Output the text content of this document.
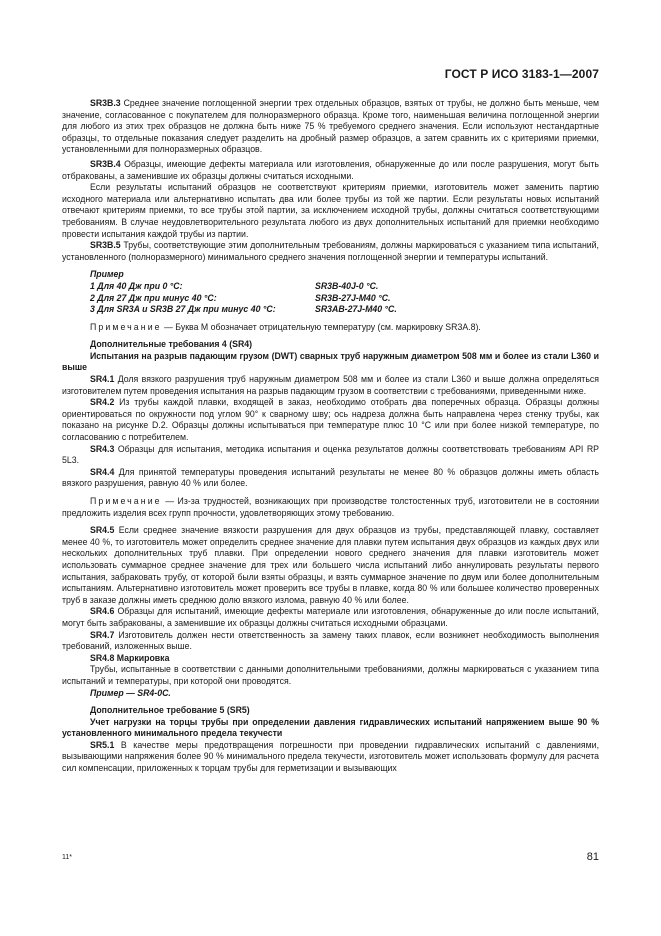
ГОСТ Р ИСО 3183-1—2007

SR3B.3 Среднее значение поглощенной энергии трех отдельных образцов, взятых от трубы, не должно быть меньше, чем значение, согласованное с покупателем для полноразмерного образца. Кроме того, наименьшая величина поглощенной энергии для любого из этих трех образцов не должна быть ниже 75 % требуемого среднего значения. Если используют нестандартные образцы, то отдельные показания следует разделить на дробный размер образцов, а затем сравнить их с критериями приемки, установленными для полноразмерных образцов.

SR3B.4 Образцы, имеющие дефекты материала или изготовления, обнаруженные до или после разрушения, могут быть отбракованы, а заменившие их образцы должны считаться исходными.

Если результаты испытаний образцов не соответствуют критериям приемки, изготовитель может заменить партию исходного материала или альтернативно испытать два или более трубы из той же партии. Если результаты новых испытаний отвечают критериям приемки, то все трубы этой партии, за исключением исходной трубы, должны считаться соответствующими требованиям. В случае неудовлетворительного результата любого из двух дополнительных испытаний для приемки необходимо провести испытания каждой трубы из партии.

SR3B.5 Трубы, соответствующие этим дополнительным требованиям, должны маркироваться с указанием типа испытаний, установленного (полноразмерного) минимального среднего значения поглощенной энергии и температуры испытаний.

Пример
1 Для 40 Дж при 0 °C:	SR3B-40J-0 °C.
2 Для 27 Дж при минус 40 °C:	SR3B-27J-M40 °C.
3 Для SR3A и SR3B 27 Дж при минус 40 °C:	SR3AB-27J-M40 °C.

Примечание — Буква M обозначает отрицательную температуру (см. маркировку SR3A.8).

Дополнительные требования 4 (SR4)

Испытания на разрыв падающим грузом (DWT) сварных труб наружным диаметром 508 мм и более из стали L360 и выше

SR4.1 Доля вязкого разрушения труб наружным диаметром 508 мм и более из стали L360 и выше должна определяться изготовителем путем проведения испытания на разрыв падающим грузом в соответствии с требованиями, приведенными ниже.

SR4.2 Из трубы каждой плавки, входящей в заказ, необходимо отобрать два поперечных образца. Образцы должны ориентироваться по окружности под углом 90° к сварному шву; ось надреза должна быть направлена через стенку трубы, как показано на рисунке D.2. Образцы должны испытываться при температуре плюс 10 °C или при более низкой температуре, по согласованию с потребителем.

SR4.3 Образцы для испытания, методика испытания и оценка результатов должны соответствовать требованиям API RP 5L3.

SR4.4 Для принятой температуры проведения испытаний результаты не менее 80 % образцов должны иметь область вязкого разрушения, равную 40 % или более.

Примечание — Из-за трудностей, возникающих при производстве толстостенных труб, изготовители не в состоянии предложить изделия всех групп прочности, удовлетворяющих этому требованию.

SR4.5 Если среднее значение вязкости разрушения для двух образцов из трубы, представляющей плавку, составляет менее 40 %, то изготовитель может определить среднее значение для плавки путем испытания двух образцов из каждых двух или нескольких дополнительных труб плавки. При определении нового среднего значения для плавки изготовитель может использовать суммарное среднее значение для трех или большего числа испытаний либо аннулировать результаты первого испытания, забраковать трубу, от которой были взяты образцы, и взять суммарное значение по двум или более дополнительным испытаниям. Альтернативно изготовитель может проверить все трубы в плавке, когда 80 % или большее количество проверенных труб в заказе должны иметь среднюю долю вязкого излома, равную 40 % или более.

SR4.6 Образцы для испытаний, имеющие дефекты материале или изготовления, обнаруженные до или после испытаний, могут быть забракованы, а заменившие их образцы должны считаться исходными образцами.

SR4.7 Изготовитель должен нести ответственность за замену таких плавок, если возникнет необходимость выполнения требований, изложенных выше.

SR4.8 Маркировка

Трубы, испытанные в соответствии с данными дополнительными требованиями, должны маркироваться с указанием типа испытаний и температуры, при которой они проводятся.

Пример — SR4-0C.

Дополнительное требование 5 (SR5)

Учет нагрузки на торцы трубы при определении давления гидравлических испытаний напряжением выше 90 % установленного минимального предела текучести

SR5.1 В качестве меры предотвращения погрешности при проведении гидравлических испытаний с давлениями, вызывающими напряжения более 90 % минимального предела текучести, изготовитель может использовать формулу для расчета сил компенсации, приложенных к торцам трубы для герметизации и вызывающих

11*	81
